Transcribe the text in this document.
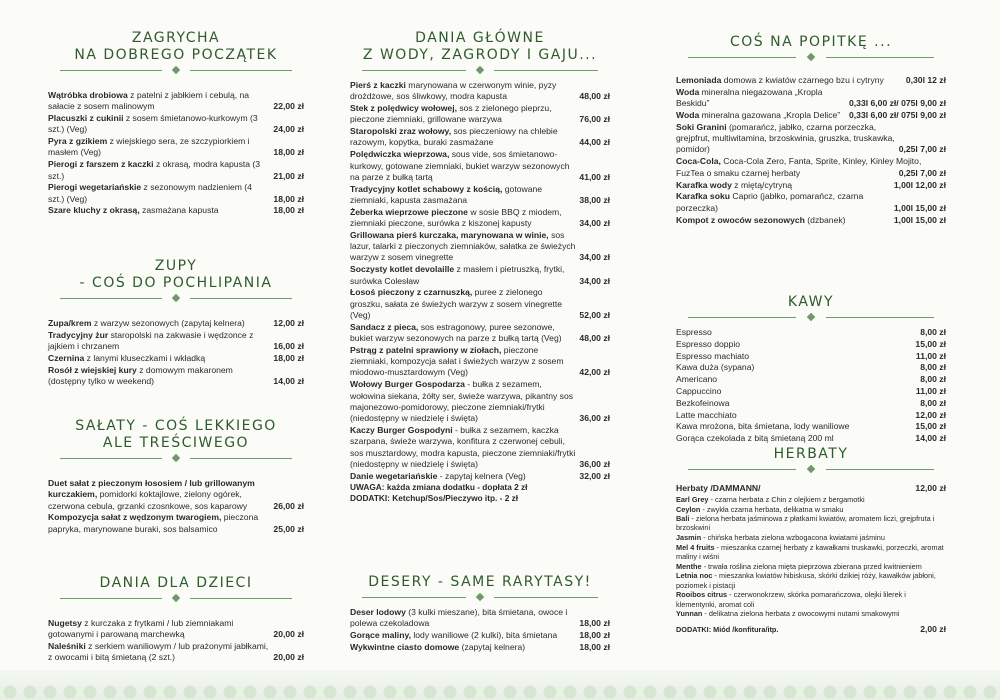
ZAGRYCHA
NA DOBREGO POCZĄTEK
Wątróbka drobiowa z patelni z jabłkiem i cebulą, na sałacie z sosem malinowym	22,00 zł
Placuszki z cukinii z sosem śmietanowo-kurkowym (3 szt.) (Veg)	24,00 zł
Pyra z gzikiem z wiejskiego sera, ze szczypiorkiem i masłem (Veg)	18,00 zł
Pierogi z farszem z kaczki z okrasą, modra kapusta (3 szt.)	21,00 zł
Pierogi wegetariańskie z sezonowym nadzieniem (4 szt.) (Veg)	18,00 zł
Szare kluchy z okrasą, zasmażana kapusta	18,00 zł
ZUPY
- COŚ DO POCHLIPANIA
Zupa/krem z warzyw sezonowych (zapytaj kelnera)	12,00 zł
Tradycyjny żur staropolski na zakwasie i wędzonce z jajkiem i chrzanem	16,00 zł
Czernina z lanymi kluseczkami i wkładką	18,00 zł
Rosół z wiejskiej kury z domowym makaronem (dostępny tylko w weekend)	14,00 zł
SAŁATY - COŚ LEKKIEGO
ALE TREŚCIWEGO
Duet sałat z pieczonym łososiem / lub grillowanym kurczakiem, pomidorki koktajlowe, zielony ogórek, czerwona cebula, grzanki czosnkowe, sos kaparowy	26,00 zł
Kompozycja sałat z wędzonym twarogiem, pieczona papryka, marynowane buraki, sos balsamico	25,00 zł
DANIA DLA DZIECI
Nugetsy z kurczaka z frytkami / lub ziemniakami gotowanymi i parowaną marchewką	20,00 zł
Naleśniki z serkiem waniliowym / lub prażonymi jabłkami, z owocami i bitą śmietaną (2 szt.)	20,00 zł
DANIA GŁÓWNE
Z WODY, ZAGRODY I GAJU...
Pierś z kaczki marynowana w czerwonym winie, pyzy drożdżowe, sos śliwkowy, modra kapusta	48,00 zł
Stek z polędwicy wołowej, sos z zielonego pieprzu, pieczone ziemniaki, grillowane warzywa	76,00 zł
Staropolski zraz wołowy, sos pieczeniowy na chlebie razowym, kopytka, buraki zasmażane	44,00 zł
Polędwiczka wieprzowa, sous vide, sos śmietanowo-kurkowy, gotowane ziemniaki, bukiet warzyw sezonowych na parze z bułką tartą	41,00 zł
Tradycyjny kotlet schabowy z kością, gotowane ziemniaki, kapusta zasmażana	38,00 zł
Żeberka wieprzowe pieczone w sosie BBQ z miodem, ziemniaki pieczone, surówka z kiszonej kapusty	34,00 zł
Grillowana pierś kurczaka, marynowana w winie, sos lazur, talarki z pieczonych ziemniaków, sałatka ze świeżych warzyw z sosem vinegrette	34,00 zł
Soczysty kotlet devolaille z masłem i pietruszką, frytki, surówka Colesław	34,00 zł
Łosoś pieczony z czarnuszką, puree z zielonego groszku, sałata ze świeżych warzyw z sosem vinegrette (Veg)	52,00 zł
Sandacz z pieca, sos estragonowy, puree sezonowe, bukiet warzyw sezonowych na parze z bułką tartą (Veg)	48,00 zł
Pstrąg z patelni sprawiony w ziołach, pieczone ziemniaki, kompozycja sałat i świeżych warzyw z sosem miodowo-musztardowym (Veg)	42,00 zł
Wołowy Burger Gospodarza - bułka z sezamem, wołowina siekana, żółty ser, świeże warzywa, pikantny sos majonezowo-pomidorowy, pieczone ziemniaki/frytki (niedostępny w niedzielę i święta)	36,00 zł
Kaczy Burger Gospodyni - bułka z sezamem, kaczka szarpana, świeże warzywa, konfitura z czerwonej cebuli, sos musztardowy, modra kapusta, pieczone ziemniaki/frytki (niedostępny w niedzielę i święta)	36,00 zł
Danie wegetariańskie - zapytaj kelnera (Veg)	32,00 zł
UWAGA: każda zmiana dodatku - dopłata 2 zł
DODATKI: Ketchup/Sos/Pieczywo itp. - 2 zł
DESERY - SAME RARYTASY!
Deser lodowy (3 kulki mieszane), bita śmietana, owoce i polewa czekoladowa	18,00 zł
Gorące maliny, lody waniliowe (2 kulki), bita śmietana	18,00 zł
Wykwintne ciasto domowe (zapytaj kelnera)	18,00 zł
COŚ NA POPITKĘ ...
Lemoniada domowa z kwiatów czarnego bzu i cytryny	0,30l 12 zł
Woda mineralna niegazowana „Kropla Beskidu”	0,33l 6,00 zł/ 075l 9,00 zł
Woda mineralna gazowana „Kropla Delice”	0,33l 6,00 zł/ 075l 9,00 zł
Soki Granini (pomarańcz, jabłko, czarna porzeczka, grejpfrut, multiwitamina, brzoskwinia, gruszka, truskawka, pomidor)	0,25l 7,00 zł
Coca-Cola, Coca-Cola Zero, Fanta, Sprite, Kinley, Kinley Mojito,
FuzTea o smaku czarnej herbaty	0,25l 7,00 zł
Karafka wody z miętą/cytryną	1,00l 12,00 zł
Karafka soku Caprio (jabłko, pomarańcz, czarna porzeczka)	1,00l 15,00 zł
Kompot z owoców sezonowych (dzbanek)	1,00l 15,00 zł
KAWY
Espresso	8,00 zł
Espresso doppio	15,00 zł
Espresso machiato	11,00 zł
Kawa duża (sypana)	8,00 zł
Americano	8,00 zł
Cappuccino	11,00 zł
Bezkofeinowa	8,00 zł
Latte macchiato	12,00 zł
Kawa mrożona, bita śmietana, lody waniliowe	15,00 zł
Gorąca czekolada z bitą śmietaną 200 ml	14,00 zł
HERBATY
Herbaty /DAMMANN/	12,00 zł
Earl Grey - czarna herbata z Chin z olejkiem z bergamotki
Ceylon - zwykła czarna herbata, delikatna w smaku
Bali - zielona herbata jaśminowa z płatkami kwiatów, aromatem liczi, grejpfruta i brzoskwini
Jasmin - chińska herbata zielona wzbogacona kwiatami jaśminu
Mel 4 fruits - mieszanka czarnej herbaty z kawałkami truskawki, porzeczki, aromat maliny i wiśni
Menthe - trwała roślina zielona mięta pieprzowa zbierana przed kwitnieniem
Letnia noc - mieszanka kwiatów hibiskusa, skórki dzikiej róży, kawałków jabłoni, poziomek i pistacji
Rooibos citrus - czerwonokrzew, skórka pomarańczowa, olejki lilerek i klementynki, aromat coli
Yunnan - delikatna zielona herbata z owocowymi nutami smakowymi
DODATKI: Miód /konfitura/itp.	2,00 zł
